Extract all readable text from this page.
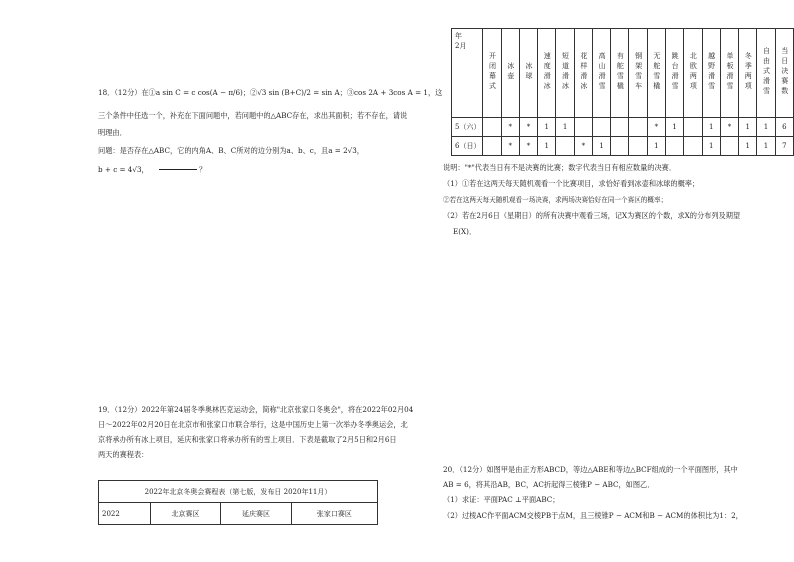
18．（12分）在①a sin C = c cos(A − π/6)；②√3 sin (B+C)/2 = sin A；③cos 2A + 3cos A = 1，这
三个条件中任选一个，补充在下面问题中，若问题中的△ABC存在，求出其面积；若不存在，请说
明理由．
问题：是否存在△ABC，它的内角A、B、C所对的边分别为a、b、c，且a = 2√3，
b + c = 4√3，	？
19．（12分）2022年第24届冬季奥林匹克运动会，简称"北京张家口冬奥会"，将在2022年02月04
日～2022年02月20日在北京市和张家口市联合举行，这是中国历史上第一次举办冬季奥运会，北
京将承办所有冰上项目，延庆和张家口将承办所有的雪上项目．下表是截取了2月5日和2月6日
两天的赛程表：
2022年北京冬奥会赛程表（第七版，发布日 2020年11月）
2022	北京赛区	延庆赛区	张家口赛区
年
2月	开闭幕式	冰壶	冰球	速度滑冰	短道滑冰	花样滑冰	高山滑雪	有舵雪橇	钢架雪车	无舵雪橇	跳台滑雪	北欧两项	越野滑雪	单板滑雪	冬季两项	自由式滑雪	当日决赛数
5（六）		*	*	1	1					*	1		1	*	1	1	6
6（日）		*	*	1		*	1			1			1		1	1	7
说明："*"代表当日有不是决赛的比赛；数字代表当日有相应数量的决赛．
（1）①若在这两天每天随机观看一个比赛项目，求恰好看到冰壶和冰球的概率；
②若在这两天每天随机观看一场决赛，求两场决赛恰好在同一个赛区的概率；
（2）若在2月6日（星期日）的所有决赛中观看三场，记X为赛区的个数，求X的分布列及期望
E(X)．
20．（12分）如图甲是由正方形ABCD，等边△ABE和等边△BCF组成的一个平面图形，其中
AB = 6，将其沿AB，BC，AC折起得三棱锥P − ABC，如图乙．
（1）求证：平面PAC ⊥平面ABC；
（2）过棱AC作平面ACM交棱PB于点M，且三棱锥P − ACM和B − ACM的体积比为1：2，
